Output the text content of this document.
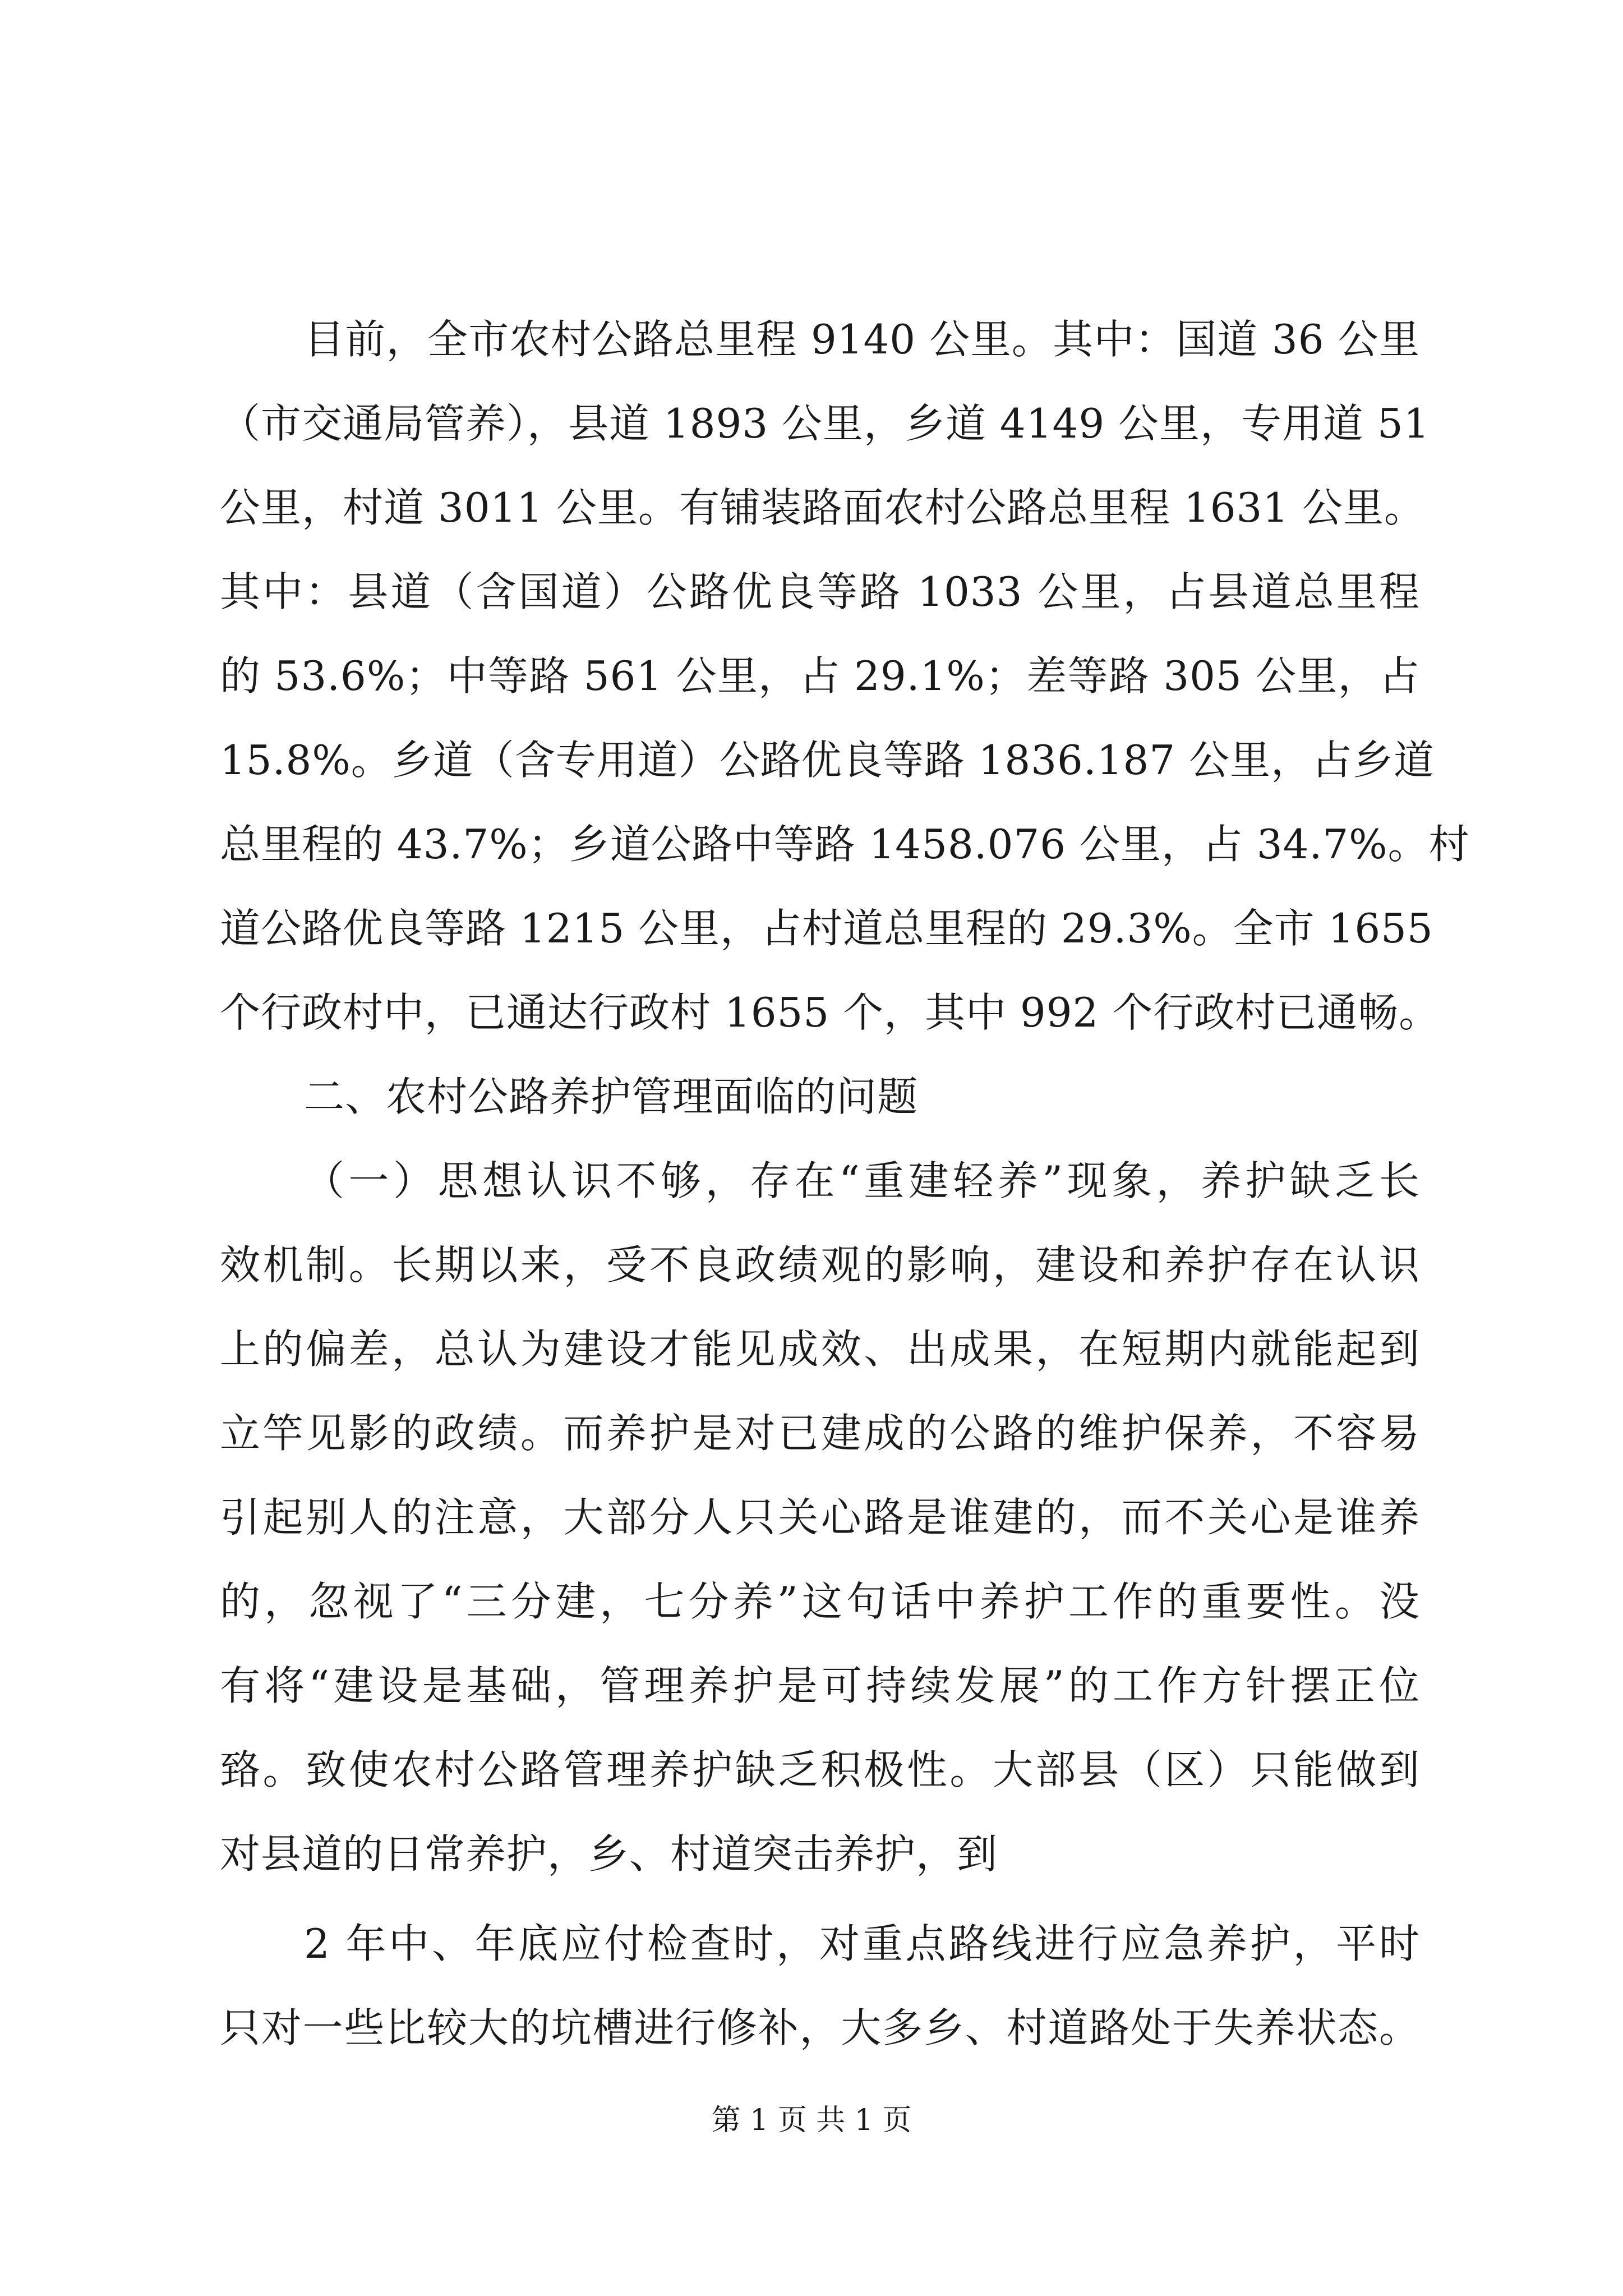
目前，全市农村公路总里程 9140 公里。其中：国道 36 公里
（市交通局管养），县道 1893 公里，乡道 4149 公里，专用道 51
公里，村道 3011 公里。有铺装路面农村公路总里程 1631 公里。
其中：县道（含国道）公路优良等路 1033 公里，占县道总里程
的 53.6%；中等路 561 公里，占 29.1%；差等路 305 公里，占
15.8%。乡道（含专用道）公路优良等路 1836.187 公里，占乡道
总里程的 43.7%；乡道公路中等路 1458.076 公里，占 34.7%。村
道公路优良等路 1215 公里，占村道总里程的 29.3%。全市 1655
个行政村中，已通达行政村 1655 个，其中 992 个行政村已通畅。
二、农村公路养护管理面临的问题
（一）思想认识不够，存在“重建轻养”现象，养护缺乏长
效机制。长期以来，受不良政绩观的影响，建设和养护存在认识
上的偏差，总认为建设才能见成效、出成果，在短期内就能起到
立竿见影的政绩。而养护是对已建成的公路的维护保养，不容易
引起别人的注意，大部分人只关心路是谁建的，而不关心是谁养
的，忽视了“三分建，七分养”这句话中养护工作的重要性。没
有将“建设是基础，管理养护是可持续发展”的工作方针摆正位
臵。致使农村公路管理养护缺乏积极性。大部县（区）只能做到
对县道的日常养护，乡、村道突击养护，到
2 年中、年底应付检查时，对重点路线进行应急养护，平时
只对一些比较大的坑槽进行修补，大多乡、村道路处于失养状态。
第 1 页 共 1 页
